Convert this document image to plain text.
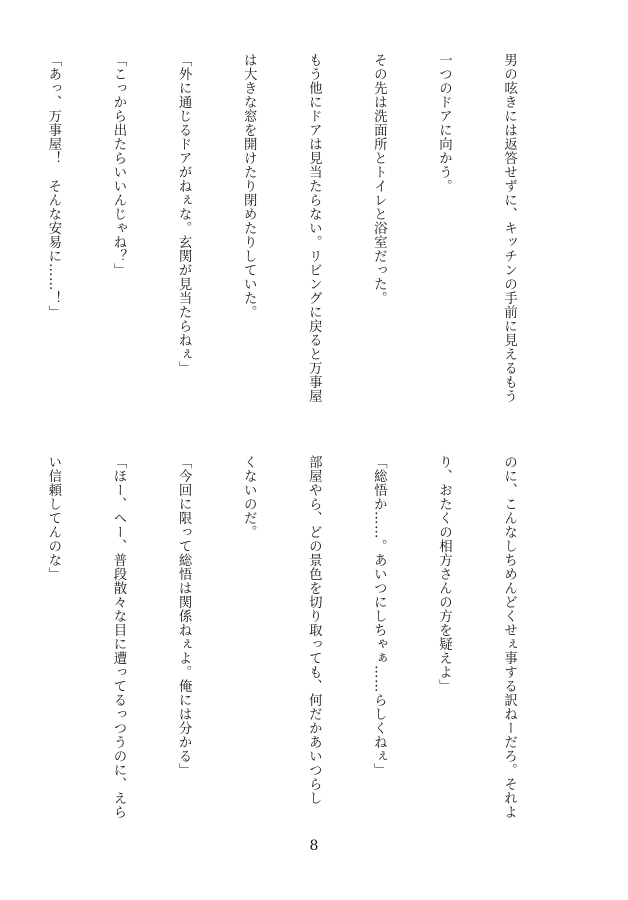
男の呟きには返答せずに、キッチンの手前に見えるもう

一つのドアに向かう。

その先は洗面所とトイレと浴室だった。

もう他にドアは見当たらない。リビングに戻ると万事屋

は大きな窓を開けたり閉めたりしていた。

「外に通じるドアがねぇな。玄関が見当たらねぇ」

「こっから出たらいいんじゃね？」

「あっ、万事屋！　そんな安易に……！」

のに、こんなしちめんどくせぇ事する訳ねーだろ。それよ

り、おたくの相方さんの方を疑えよ」

「総悟か……。あいつにしちゃぁ……らしくねぇ」

部屋やら、どの景色を切り取っても、何だかあいつらし

くないのだ。

「今回に限って総悟は関係ねぇよ。俺には分かる」

「ほー、へー、普段散々な目に遭ってるっつうのに、えら

い信頼してんのな」

8
